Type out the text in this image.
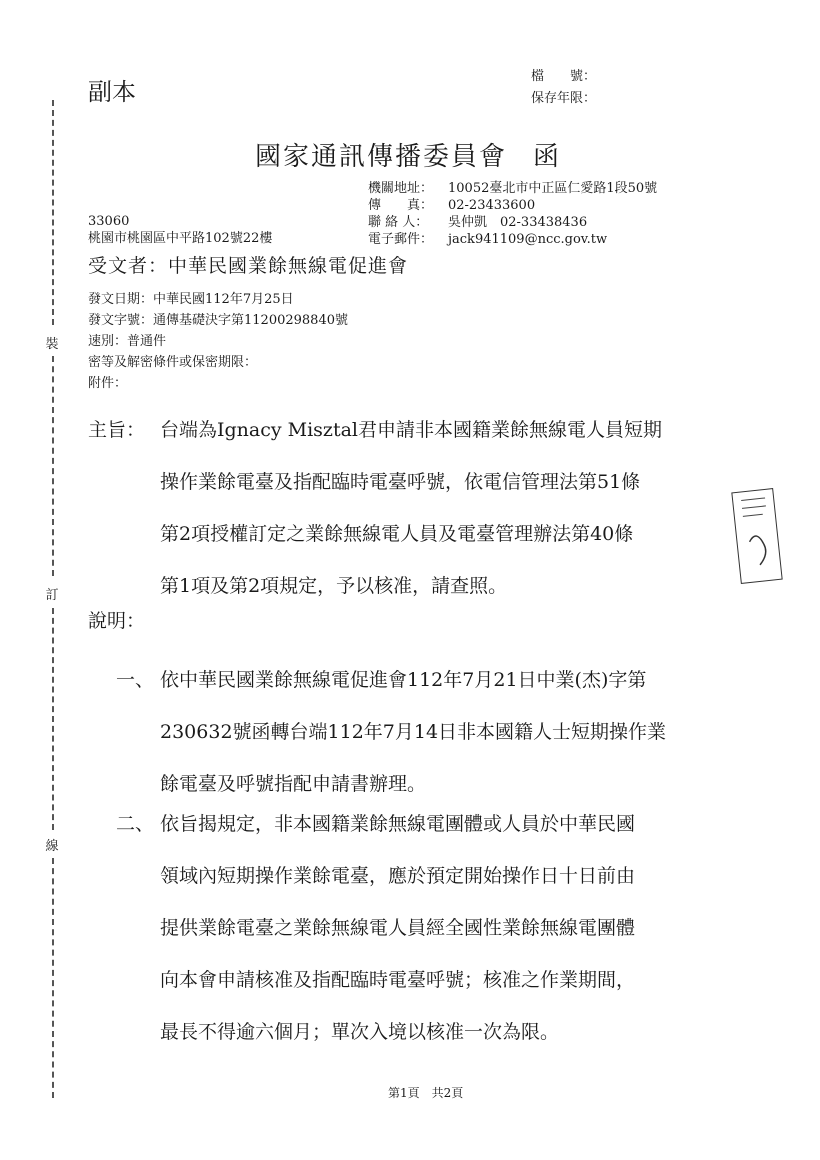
副本
檔　　號：
保存年限：
國家通訊傳播委員會 函
機關地址：	10052臺北市中正區仁愛路1段50號
傳　　真：	02-23433600
聯 絡 人：	吳仲凱　02-33438436
電子郵件：	jack941109@ncc.gov.tw
33060
桃園市桃園區中平路102號22樓
受文者：中華民國業餘無線電促進會
發文日期：中華民國112年7月25日
發文字號：通傳基礎決字第11200298840號
速別：普通件
密等及解密條件或保密期限：
附件：
主旨： 台端為Ignacy Misztal君申請非本國籍業餘無線電人員短期
操作業餘電臺及指配臨時電臺呼號，依電信管理法第51條
第2項授權訂定之業餘無線電人員及電臺管理辦法第40條
第1項及第2項規定，予以核准，請查照。
說明：
一、 依中華民國業餘無線電促進會112年7月21日中業(杰)字第
230632號函轉台端112年7月14日非本國籍人士短期操作業
餘電臺及呼號指配申請書辦理。
二、 依旨揭規定，非本國籍業餘無線電團體或人員於中華民國
領域內短期操作業餘電臺，應於預定開始操作日十日前由
提供業餘電臺之業餘無線電人員經全國性業餘無線電團體
向本會申請核准及指配臨時電臺呼號；核准之作業期間，
最長不得逾六個月；單次入境以核准一次為限。
裝
訂
線
第1頁　共2頁
